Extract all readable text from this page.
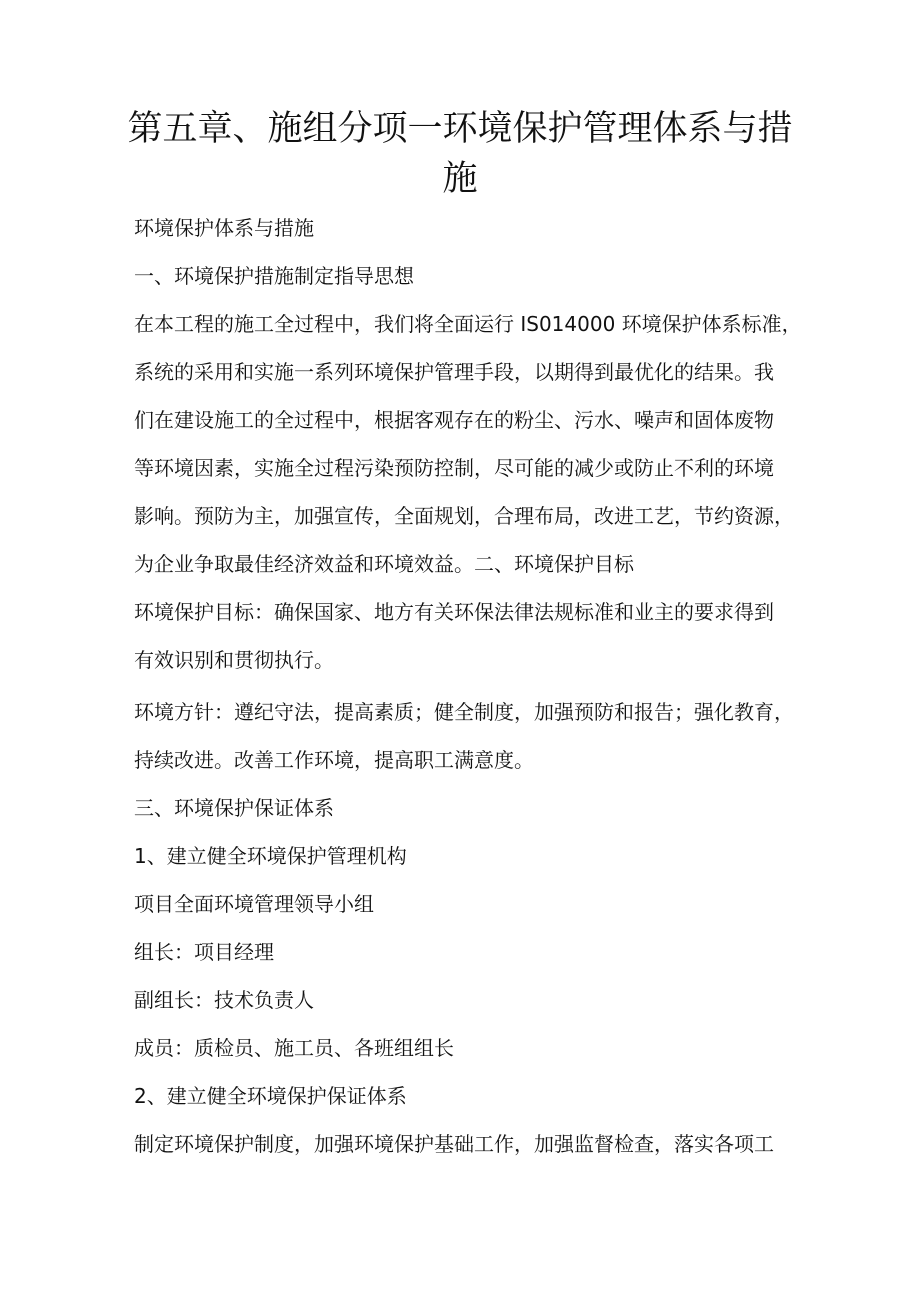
第五章、施组分项一环境保护管理体系与措
施

环境保护体系与措施

一、环境保护措施制定指导思想

在本工程的施工全过程中，我们将全面运行 IS014000 环境保护体系标准，

系统的采用和实施一系列环境保护管理手段，以期得到最优化的结果。我

们在建设施工的全过程中，根据客观存在的粉尘、污水、噪声和固体废物

等环境因素，实施全过程污染预防控制，尽可能的减少或防止不利的环境

影响。预防为主，加强宣传，全面规划，合理布局，改进工艺，节约资源，

为企业争取最佳经济效益和环境效益。二、环境保护目标

环境保护目标：确保国家、地方有关环保法律法规标准和业主的要求得到

有效识别和贯彻执行。

环境方针：遵纪守法，提高素质；健全制度，加强预防和报告；强化教育，

持续改进。改善工作环境，提高职工满意度。

三、环境保护保证体系

1、建立健全环境保护管理机构

项目全面环境管理领导小组

组长：项目经理

副组长：技术负责人

成员：质检员、施工员、各班组组长

2、建立健全环境保护保证体系

制定环境保护制度，加强环境保护基础工作，加强监督检查，落实各项工
